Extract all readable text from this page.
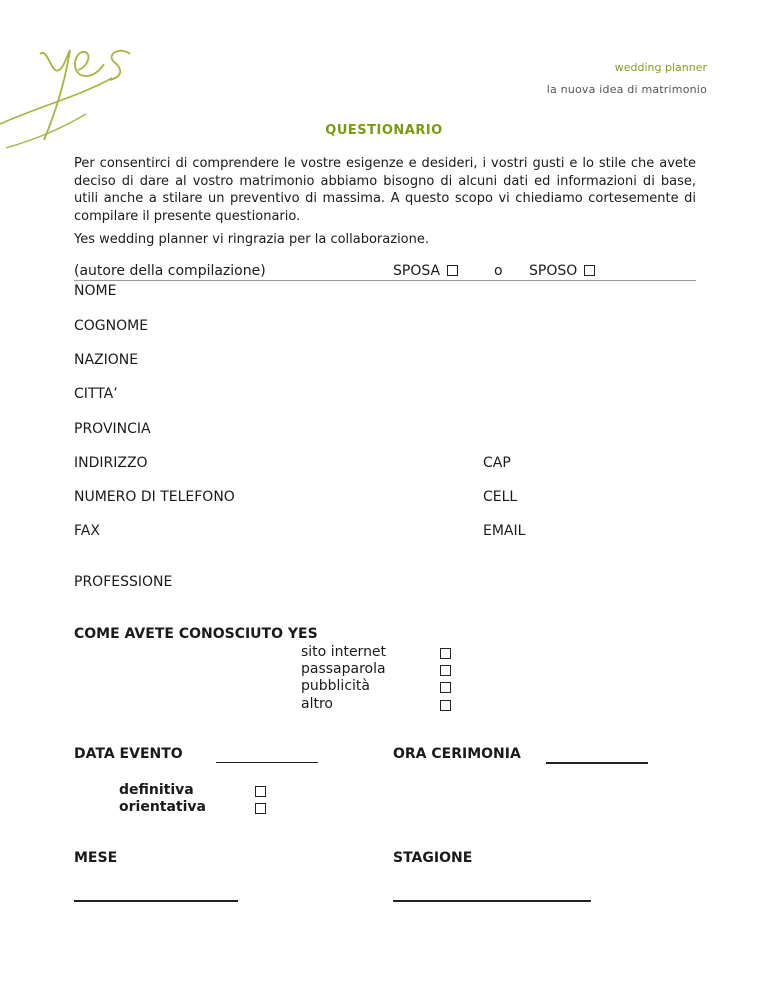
yes
wedding planner
la nuova idea di matrimonio
QUESTIONARIO
Per consentirci di comprendere le vostre esigenze e desideri, i vostri gusti e lo stile che avete deciso di dare al vostro matrimonio abbiamo bisogno di alcuni dati ed informazioni di base, utili anche a stilare un preventivo di massima. A questo scopo vi chiediamo cortesemente di compilare il presente questionario.
Yes wedding planner vi ringrazia per la collaborazione.
(autore della compilazione)	SPOSA	o SPOSO
NOME
COGNOME
NAZIONE
CITTA’
PROVINCIA
INDIRIZZO	CAP
NUMERO DI TELEFONO	CELL
FAX	EMAIL
PROFESSIONE
COME AVETE CONOSCIUTO YES
sito internet
passaparola
pubblicità
altro
DATA EVENTO	ORA CERIMONIA
definitiva
orientativa
MESE	STAGIONE
